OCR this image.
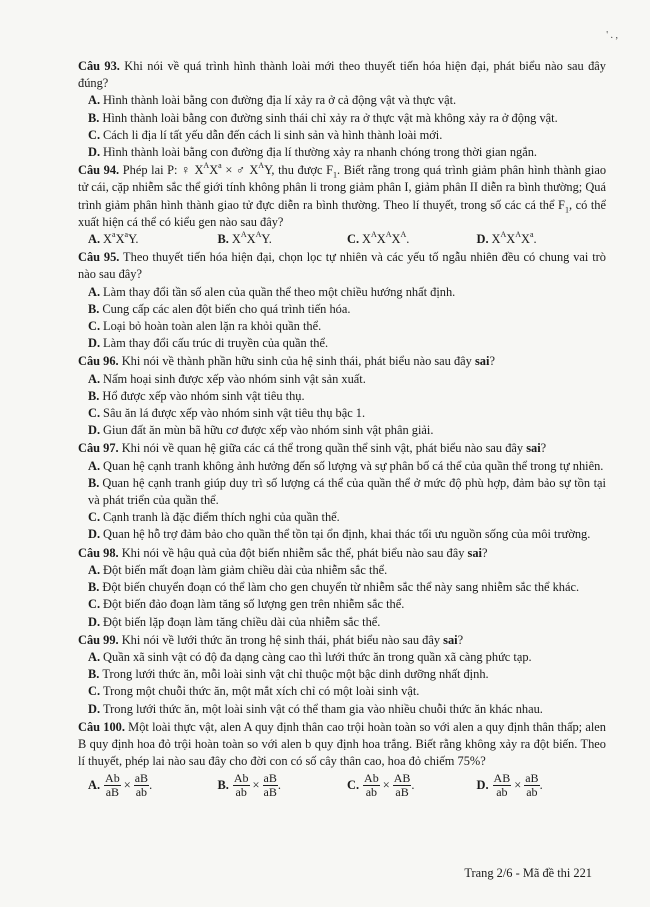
' . ,
Câu 93. Khi nói về quá trình hình thành loài mới theo thuyết tiến hóa hiện đại, phát biểu nào sau đây đúng?
A. Hình thành loài bằng con đường địa lí xảy ra ở cả động vật và thực vật.
B. Hình thành loài bằng con đường sinh thái chỉ xảy ra ở thực vật mà không xảy ra ở động vật.
C. Cách li địa lí tất yếu dẫn đến cách li sinh sản và hình thành loài mới.
D. Hình thành loài bằng con đường địa lí thường xảy ra nhanh chóng trong thời gian ngắn.
Câu 94. Phép lai P: ♀ $X^AX^a$ × ♂ $X^AY$, thu được $F_1$. Biết rằng trong quá trình giảm phân hình thành giao tử cái, cặp nhiễm sắc thể giới tính không phân li trong giảm phân I, giảm phân II diễn ra bình thường; Quá trình giảm phân hình thành giao tử đực diễn ra bình thường. Theo lí thuyết, trong số các cá thể $F_1$, có thể xuất hiện cá thể có kiểu gen nào sau đây?
A. $X^aX^aY$.	B. $X^AX^AY$.	C. $X^AX^AX^A$.	D. $X^AX^AX^a$.
Câu 95. Theo thuyết tiến hóa hiện đại, chọn lọc tự nhiên và các yếu tố ngẫu nhiên đều có chung vai trò nào sau đây?
A. Làm thay đổi tần số alen của quần thể theo một chiều hướng nhất định.
B. Cung cấp các alen đột biến cho quá trình tiến hóa.
C. Loại bỏ hoàn toàn alen lặn ra khỏi quần thể.
D. Làm thay đổi cấu trúc di truyền của quần thể.
Câu 96. Khi nói về thành phần hữu sinh của hệ sinh thái, phát biểu nào sau đây sai?
A. Nấm hoại sinh được xếp vào nhóm sinh vật sản xuất.
B. Hổ được xếp vào nhóm sinh vật tiêu thụ.
C. Sâu ăn lá được xếp vào nhóm sinh vật tiêu thụ bậc 1.
D. Giun đất ăn mùn bã hữu cơ được xếp vào nhóm sinh vật phân giải.
Câu 97. Khi nói về quan hệ giữa các cá thể trong quần thể sinh vật, phát biểu nào sau đây sai?
A. Quan hệ cạnh tranh không ảnh hưởng đến số lượng và sự phân bố cá thể của quần thể trong tự nhiên.
B. Quan hệ cạnh tranh giúp duy trì số lượng cá thể của quần thể ở mức độ phù hợp, đảm bảo sự tồn tại và phát triển của quần thể.
C. Cạnh tranh là đặc điểm thích nghi của quần thể.
D. Quan hệ hỗ trợ đảm bảo cho quần thể tồn tại ổn định, khai thác tối ưu nguồn sống của môi trường.
Câu 98. Khi nói về hậu quả của đột biến nhiễm sắc thể, phát biểu nào sau đây sai?
A. Đột biến mất đoạn làm giảm chiều dài của nhiễm sắc thể.
B. Đột biến chuyển đoạn có thể làm cho gen chuyển từ nhiễm sắc thể này sang nhiễm sắc thể khác.
C. Đột biến đảo đoạn làm tăng số lượng gen trên nhiễm sắc thể.
D. Đột biến lặp đoạn làm tăng chiều dài của nhiễm sắc thể.
Câu 99. Khi nói về lưới thức ăn trong hệ sinh thái, phát biểu nào sau đây sai?
A. Quần xã sinh vật có độ đa dạng càng cao thì lưới thức ăn trong quần xã càng phức tạp.
B. Trong lưới thức ăn, mỗi loài sinh vật chỉ thuộc một bậc dinh dưỡng nhất định.
C. Trong một chuỗi thức ăn, một mắt xích chỉ có một loài sinh vật.
D. Trong lưới thức ăn, một loài sinh vật có thể tham gia vào nhiều chuỗi thức ăn khác nhau.
Câu 100. Một loài thực vật, alen A quy định thân cao trội hoàn toàn so với alen a quy định thân thấp; alen B quy định hoa đỏ trội hoàn toàn so với alen b quy định hoa trắng. Biết rằng không xảy ra đột biến. Theo lí thuyết, phép lai nào sau đây cho đời con có số cây thân cao, hoa đỏ chiếm 75%?
A. $\frac{Ab}{aB} \times \frac{aB}{ab}$ .	B. $\frac{Ab}{ab} \times \frac{aB}{aB}$ .	C. $\frac{Ab}{ab} \times \frac{AB}{aB}$ .	D. $\frac{AB}{ab} \times \frac{aB}{ab}$ .
Trang 2/6 - Mã đề thi 221
